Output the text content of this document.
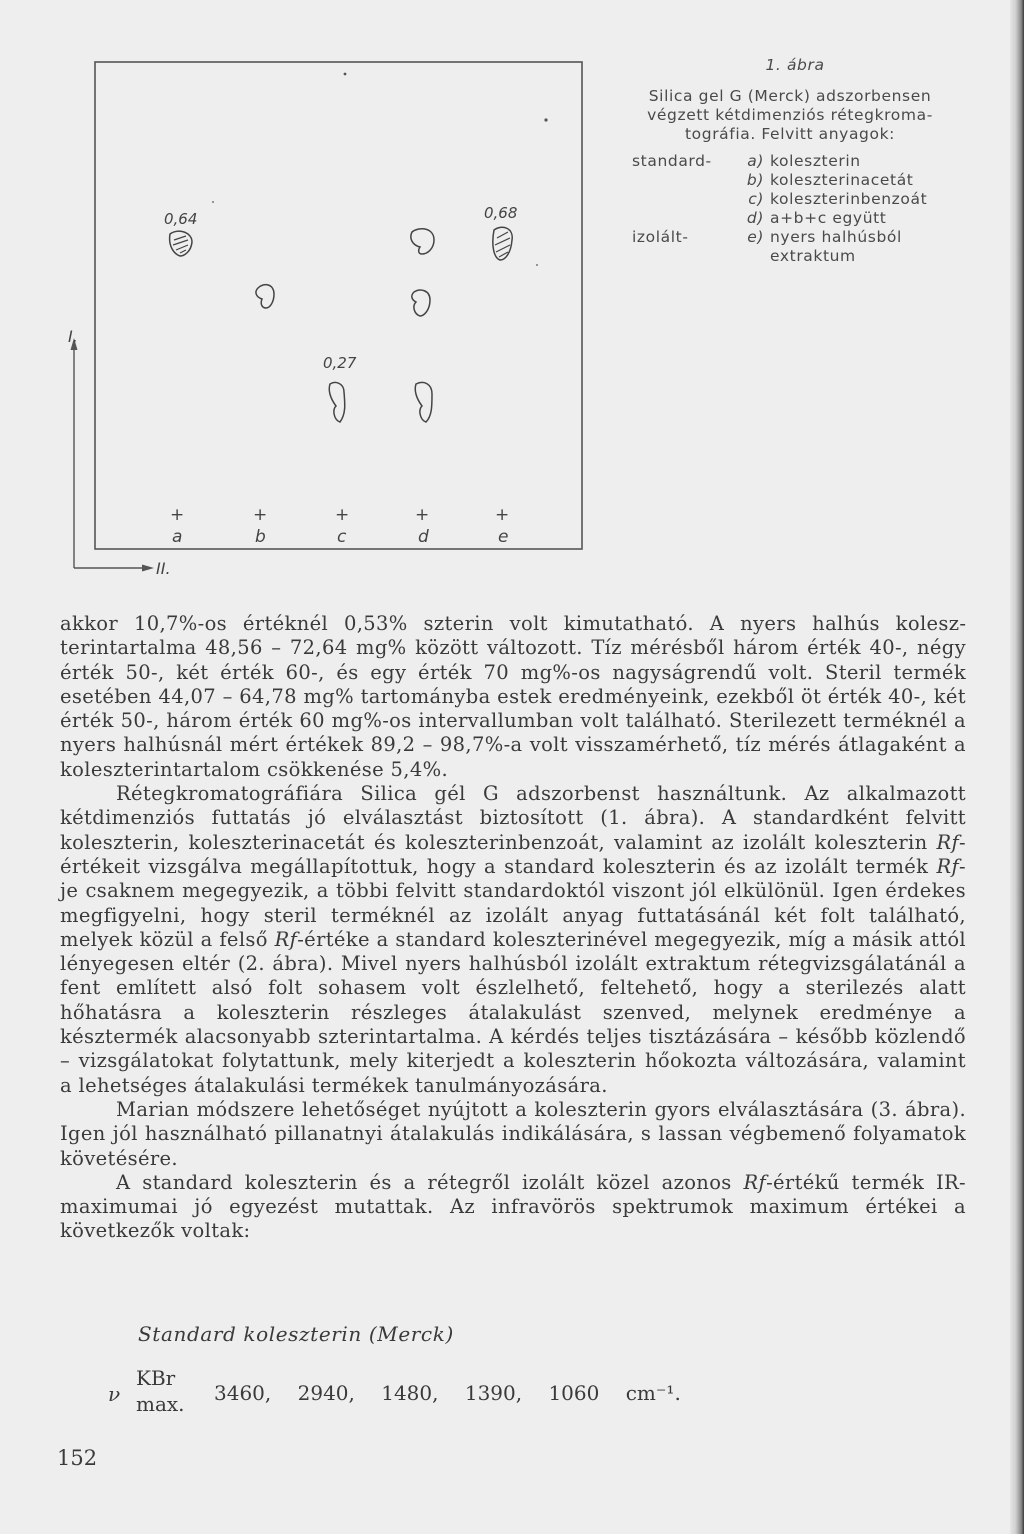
I.
II.
0,64	0,68
0,27
+	+	+	+	+
a	b	c	d	e
1. ábra
Silica gel G (Merck) adszorbensen
végzett kétdimenziós rétegkroma-
tográfia. Felvitt anyagok:
standard-	a)	koleszterin
	b)	koleszterinacetát
	c)	koleszterinbenzoát
	d)	a+b+c együtt
izolált-	e)	nyers halhúsból
		extraktum

akkor 10,7%-os értéknél 0,53% szterin volt kimutatható. A nyers halhús koleszterintartalma 48,56 – 72,64 mg% között változott. Tíz mérésből három érték 40-, négy érték 50-, két érték 60-, és egy érték 70 mg%-os nagyságrendű volt. Steril termék esetében 44,07 – 64,78 mg% tartományba estek eredményeink, ezekből öt érték 40-, két érték 50-, három érték 60 mg%-os intervallumban volt található. Sterilezett terméknél a nyers halhúsnál mért értékek 89,2 – 98,7%-a volt visszamérhető, tíz mérés átlagaként a koleszterintartalom csökkenése 5,4%.

Rétegkromatográfiára Silica gél G adszorbenst használtunk. Az alkalmazott kétdimenziós futtatás jó elválasztást biztosított (1. ábra). A standardként felvitt koleszterin, koleszterinacetát és koleszterinbenzoát, valamint az izolált koleszterin Rf-értékeit vizsgálva megállapítottuk, hogy a standard koleszterin és az izolált termék Rf-je csaknem megegyezik, a többi felvitt standardoktól viszont jól elkülönül. Igen érdekes megfigyelni, hogy steril terméknél az izolált anyag futtatásánál két folt található, melyek közül a felső Rf-értéke a standard koleszterinével megegyezik, míg a másik attól lényegesen eltér (2. ábra). Mivel nyers halhúsból izolált extraktum rétegvizsgálatánál a fent említett alsó folt sohasem volt észlelhető, feltehető, hogy a sterilezés alatt hőhatásra a koleszterin részleges átalakulást szenved, melynek eredménye a késztermék alacsonyabb szterintartalma. A kérdés teljes tisztázására – később közlendő – vizsgálatokat folytattunk, mely kiterjedt a koleszterin hőokozta változására, valamint a lehetséges átalakulási termékek tanulmányozására.

Marian módszere lehetőséget nyújtott a koleszterin gyors elválasztására (3. ábra). Igen jól használható pillanatnyi átalakulás indikálására, s lassan végbemenő folyamatok követésére.

A standard koleszterin és a rétegről izolált közel azonos Rf-értékű termék IR-maximumai jó egyezést mutattak. Az infravörös spektrumok maximum értékei a következők voltak:

Standard koleszterin (Merck)
ν
KBr
max. 3460, 2940, 1480, 1390, 1060 cm⁻¹.
152
